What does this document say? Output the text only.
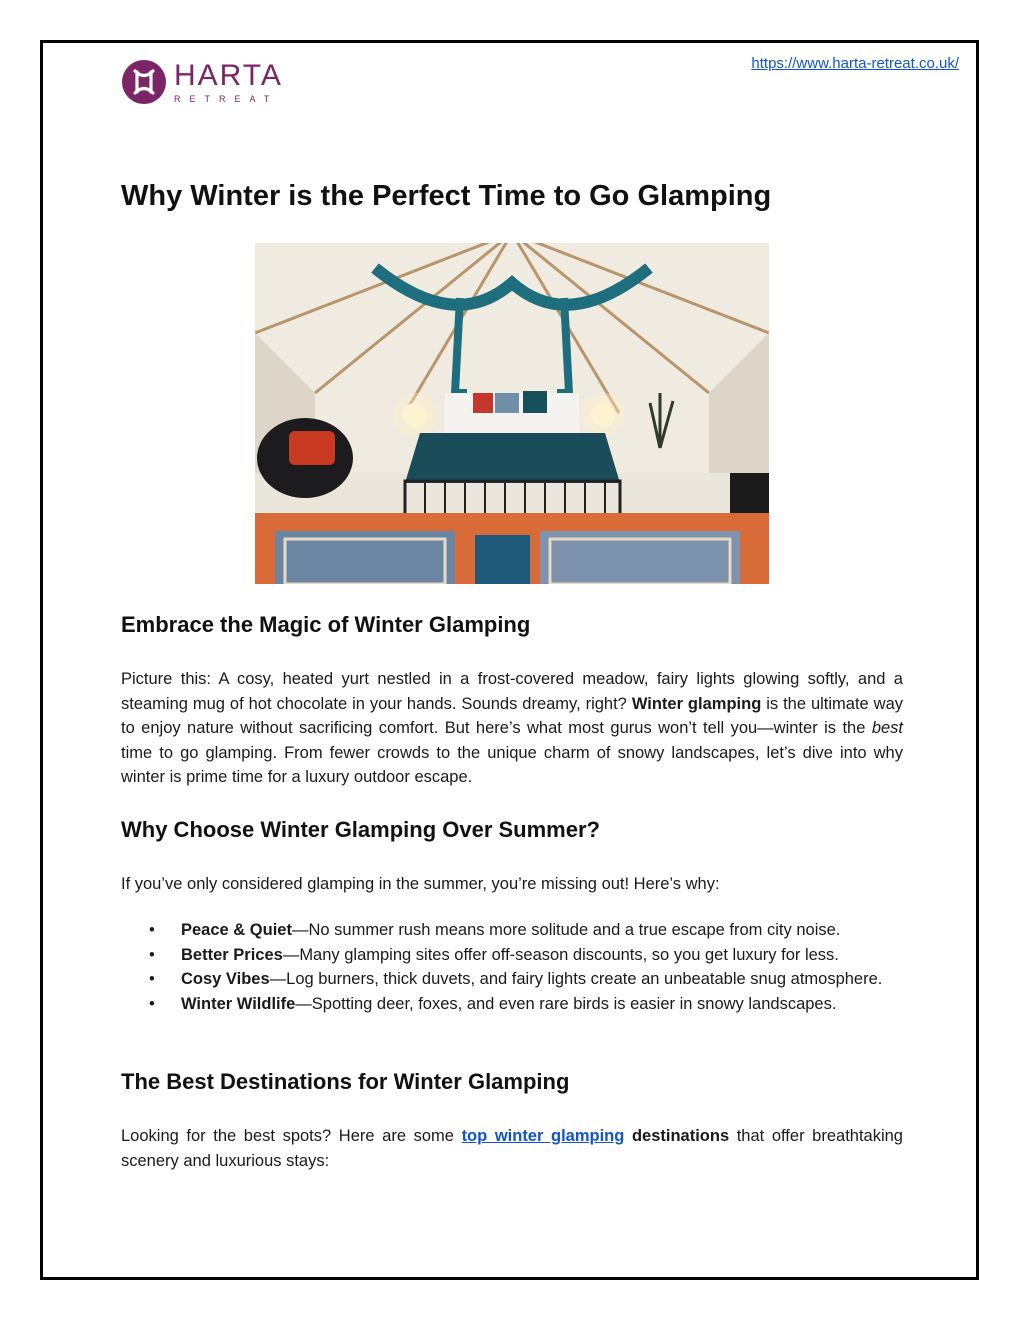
https://www.harta-retreat.co.uk/
HARTA
RETREAT
Why Winter is the Perfect Time to Go Glamping
Embrace the Magic of Winter Glamping

Picture this: A cosy, heated yurt nestled in a frost-covered meadow, fairy lights glowing softly, and a steaming mug of hot chocolate in your hands. Sounds dreamy, right? Winter glamping is the ultimate way to enjoy nature without sacrificing comfort. But here’s what most gurus won’t tell you—winter is the best time to go glamping. From fewer crowds to the unique charm of snowy landscapes, let’s dive into why winter is prime time for a luxury outdoor escape.

Why Choose Winter Glamping Over Summer?

If you’ve only considered glamping in the summer, you’re missing out! Here’s why:

• Peace & Quiet—No summer rush means more solitude and a true escape from city noise.
• Better Prices—Many glamping sites offer off-season discounts, so you get luxury for less.
• Cosy Vibes—Log burners, thick duvets, and fairy lights create an unbeatable snug atmosphere.
• Winter Wildlife—Spotting deer, foxes, and even rare birds is easier in snowy landscapes.
The Best Destinations for Winter Glamping

Looking for the best spots? Here are some top winter glamping destinations that offer breathtaking scenery and luxurious stays:
